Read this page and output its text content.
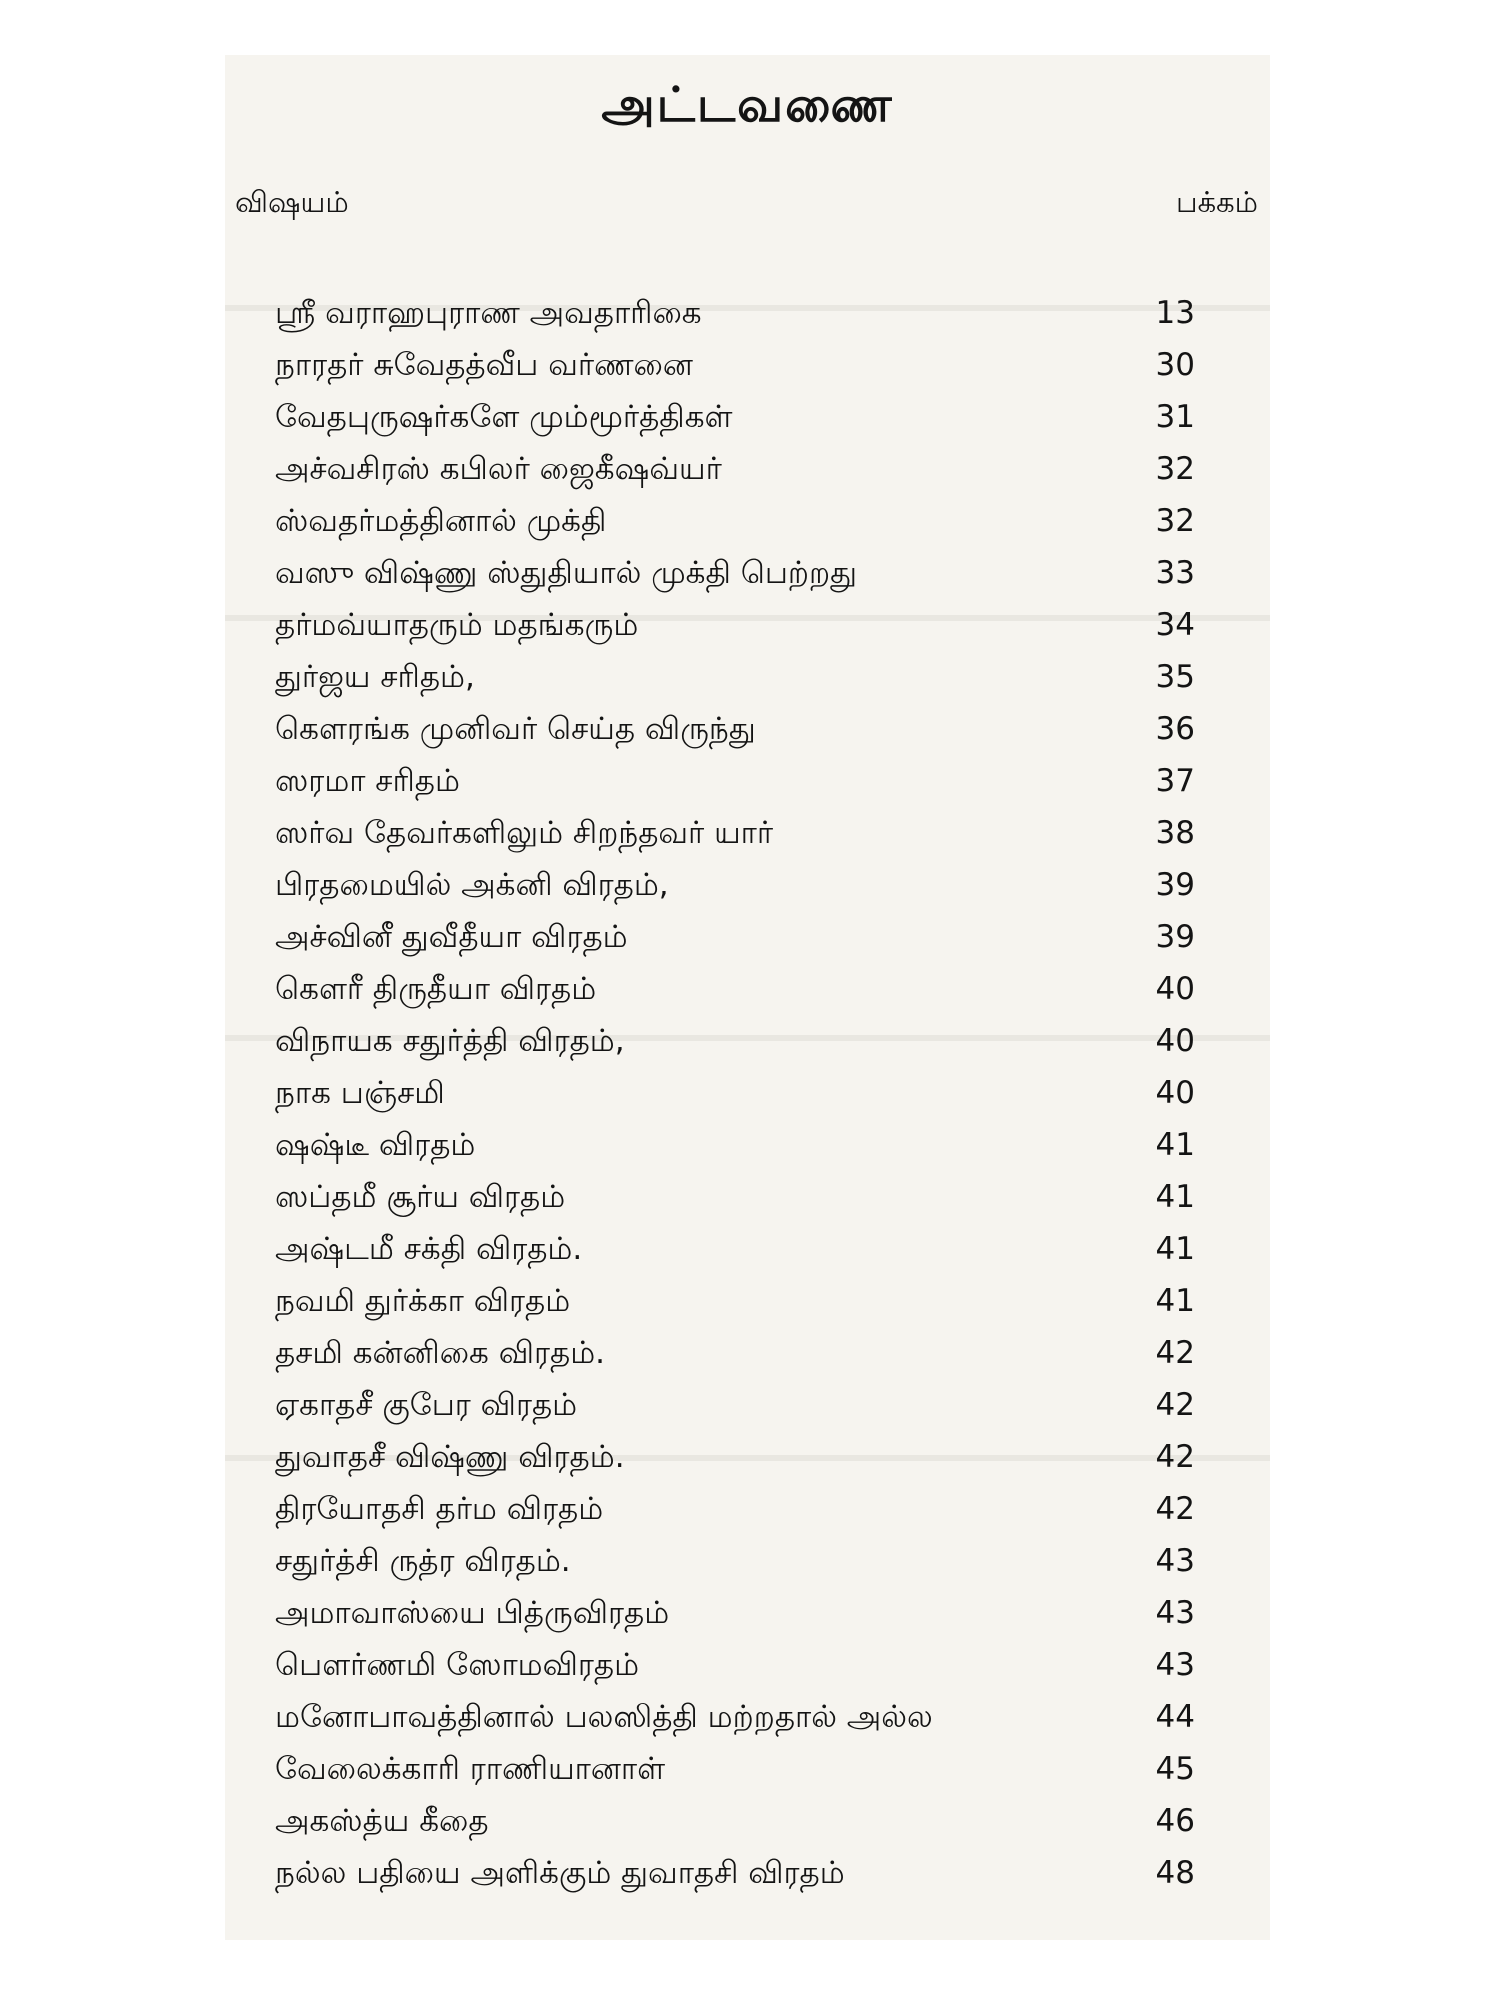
அட்டவணை
விஷயம்	பக்கம்
ஸ்ரீ வராஹபுராண அவதாரிகை	13
நாரதர் சுவேதத்வீப வர்ணனை	30
வேதபுருஷர்களே மும்மூர்த்திகள்	31
அச்வசிரஸ் கபிலர் ஜைகீஷவ்யர்	32
ஸ்வதர்மத்தினால் முக்தி	32
வஸு விஷ்ணு ஸ்துதியால் முக்தி பெற்றது	33
தர்மவ்யாதரும் மதங்கரும்	34
துர்ஜய சரிதம்,	35
கௌரங்க முனிவர் செய்த விருந்து	36
ஸரமா சரிதம்	37
ஸர்வ தேவர்களிலும் சிறந்தவர் யார்	38
பிரதமையில் அக்னி விரதம்,	39
அச்வினீ துவீதீயா விரதம்	39
கௌரீ திருதீயா விரதம்	40
விநாயக சதுர்த்தி விரதம்,	40
நாக பஞ்சமி	40
ஷஷ்டீ விரதம்	41
ஸப்தமீ சூர்ய விரதம்	41
அஷ்டமீ சக்தி விரதம்.	41
நவமி துர்க்கா விரதம்	41
தசமி கன்னிகை விரதம்.	42
ஏகாதசீ குபேர விரதம்	42
துவாதசீ விஷ்ணு விரதம்.	42
திரயோதசி தர்ம விரதம்	42
சதுர்த்சி ருத்ர விரதம்.	43
அமாவாஸ்யை பித்ருவிரதம்	43
பௌர்ணமி ஸோமவிரதம்	43
மனோபாவத்தினால் பலஸித்தி மற்றதால் அல்ல	44
வேலைக்காரி ராணியானாள்	45
அகஸ்த்ய கீதை	46
நல்ல பதியை அளிக்கும் துவாதசி விரதம்	48
